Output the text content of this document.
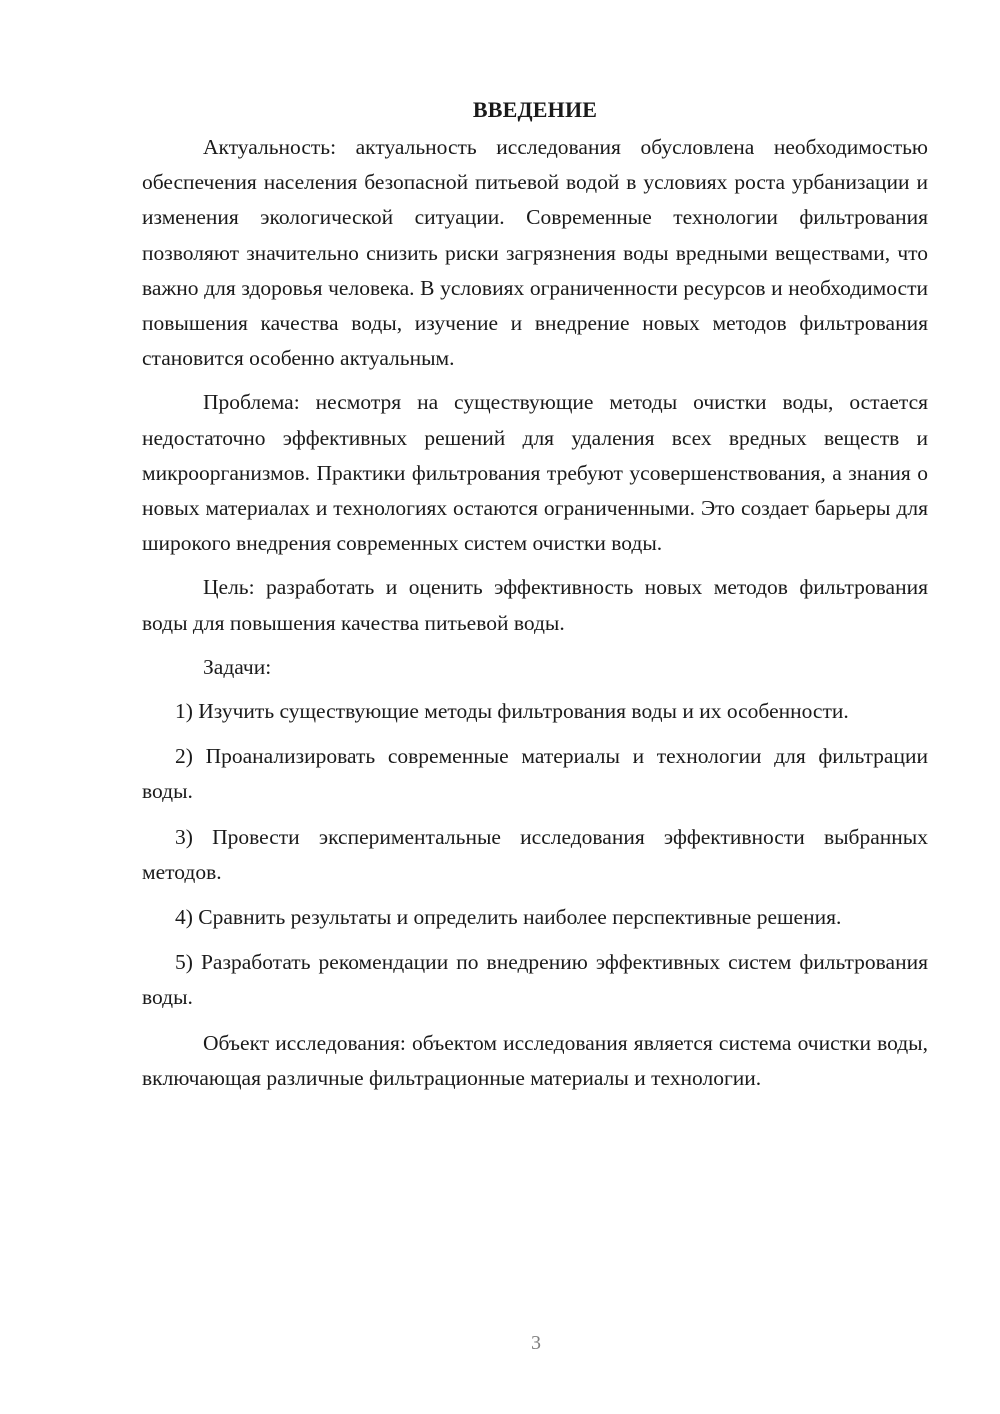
ВВЕДЕНИЕ

Актуальность: актуальность исследования обусловлена необходимостью обеспечения населения безопасной питьевой водой в условиях роста урбанизации и изменения экологической ситуации. Современные технологии фильтрования позволяют значительно снизить риски загрязнения воды вредными веществами, что важно для здоровья человека. В условиях ограниченности ресурсов и необходимости повышения качества воды, изучение и внедрение новых методов фильтрования становится особенно актуальным.

Проблема: несмотря на существующие методы очистки воды, остается недостаточно эффективных решений для удаления всех вредных веществ и микроорганизмов. Практики фильтрования требуют усовершенствования, а знания о новых материалах и технологиях остаются ограниченными. Это создает барьеры для широкого внедрения современных систем очистки воды.

Цель: разработать и оценить эффективность новых методов фильтрования воды для повышения качества питьевой воды.

Задачи:

1) Изучить существующие методы фильтрования воды и их особенности.

2) Проанализировать современные материалы и технологии для фильтрации воды.

3) Провести экспериментальные исследования эффективности выбранных методов.

4) Сравнить результаты и определить наиболее перспективные решения.

5) Разработать рекомендации по внедрению эффективных систем фильтрования воды.

Объект исследования: объектом исследования является система очистки воды, включающая различные фильтрационные материалы и технологии.

3
